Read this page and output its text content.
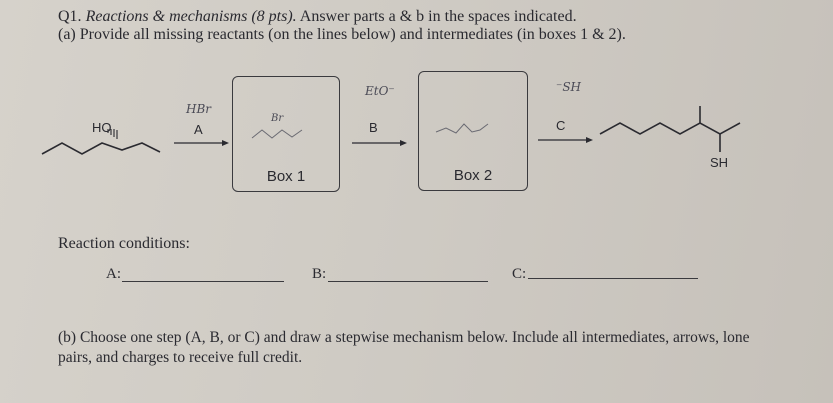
Q1. Reactions & mechanisms (8 pts). Answer parts a & b in the spaces indicated.
(a) Provide all missing reactants (on the lines below) and intermediates (in boxes 1 & 2).
HO
HBr
A
EtO⁻
B
⁻SH
C
SH
Br
Box 1	Box 2
Reaction conditions:
A:	B:	C:
(b) Choose one step (A, B, or C) and draw a stepwise mechanism below. Include all intermediates, arrows, lone pairs, and charges to receive full credit.
